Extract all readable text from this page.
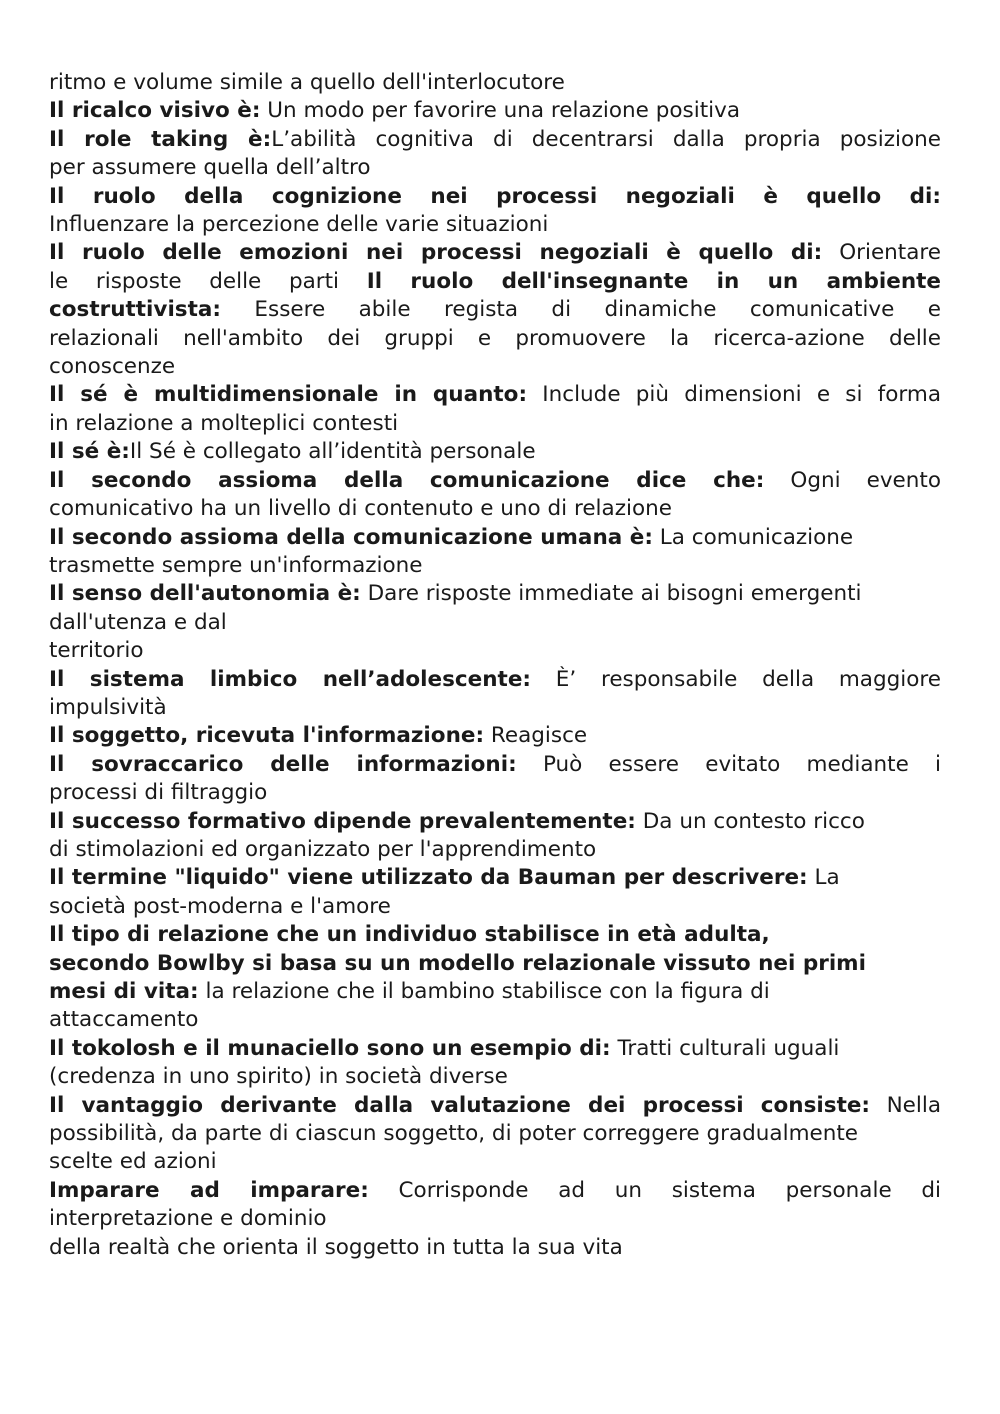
ritmo e volume simile a quello dell'interlocutore
Il ricalco visivo è: Un modo per favorire una relazione positiva
Il role taking è:L’abilità cognitiva di decentrarsi dalla propria posizione
per assumere quella dell’altro
Il ruolo della cognizione nei processi negoziali è quello di:
Influenzare la percezione delle varie situazioni
Il ruolo delle emozioni nei processi negoziali è quello di: Orientare
le risposte delle parti Il ruolo dell'insegnante in un ambiente
costruttivista: Essere abile regista di dinamiche comunicative e
relazionali nell'ambito dei gruppi e promuovere la ricerca-azione delle
conoscenze
Il sé è multidimensionale in quanto: Include più dimensioni e si forma
in relazione a molteplici contesti
Il sé è:Il Sé è collegato all’identità personale
Il secondo assioma della comunicazione dice che: Ogni evento
comunicativo ha un livello di contenuto e uno di relazione
Il secondo assioma della comunicazione umana è: La comunicazione
trasmette sempre un'informazione
Il senso dell'autonomia è: Dare risposte immediate ai bisogni emergenti
dall'utenza e dal
territorio
Il sistema limbico nell’adolescente: È’ responsabile della maggiore
impulsività
Il soggetto, ricevuta l'informazione: Reagisce
Il sovraccarico delle informazioni: Può essere evitato mediante i
processi di filtraggio
Il successo formativo dipende prevalentemente: Da un contesto ricco
di stimolazioni ed organizzato per l'apprendimento
Il termine "liquido" viene utilizzato da Bauman per descrivere: La
società post-moderna e l'amore
Il tipo di relazione che un individuo stabilisce in età adulta,
secondo Bowlby si basa su un modello relazionale vissuto nei primi
mesi di vita: la relazione che il bambino stabilisce con la figura di
attaccamento
Il tokolosh e il munaciello sono un esempio di: Tratti culturali uguali
(credenza in uno spirito) in società diverse
Il vantaggio derivante dalla valutazione dei processi consiste: Nella
possibilità, da parte di ciascun soggetto, di poter correggere gradualmente
scelte ed azioni
Imparare ad imparare: Corrisponde ad un sistema personale di
interpretazione e dominio
della realtà che orienta il soggetto in tutta la sua vita
